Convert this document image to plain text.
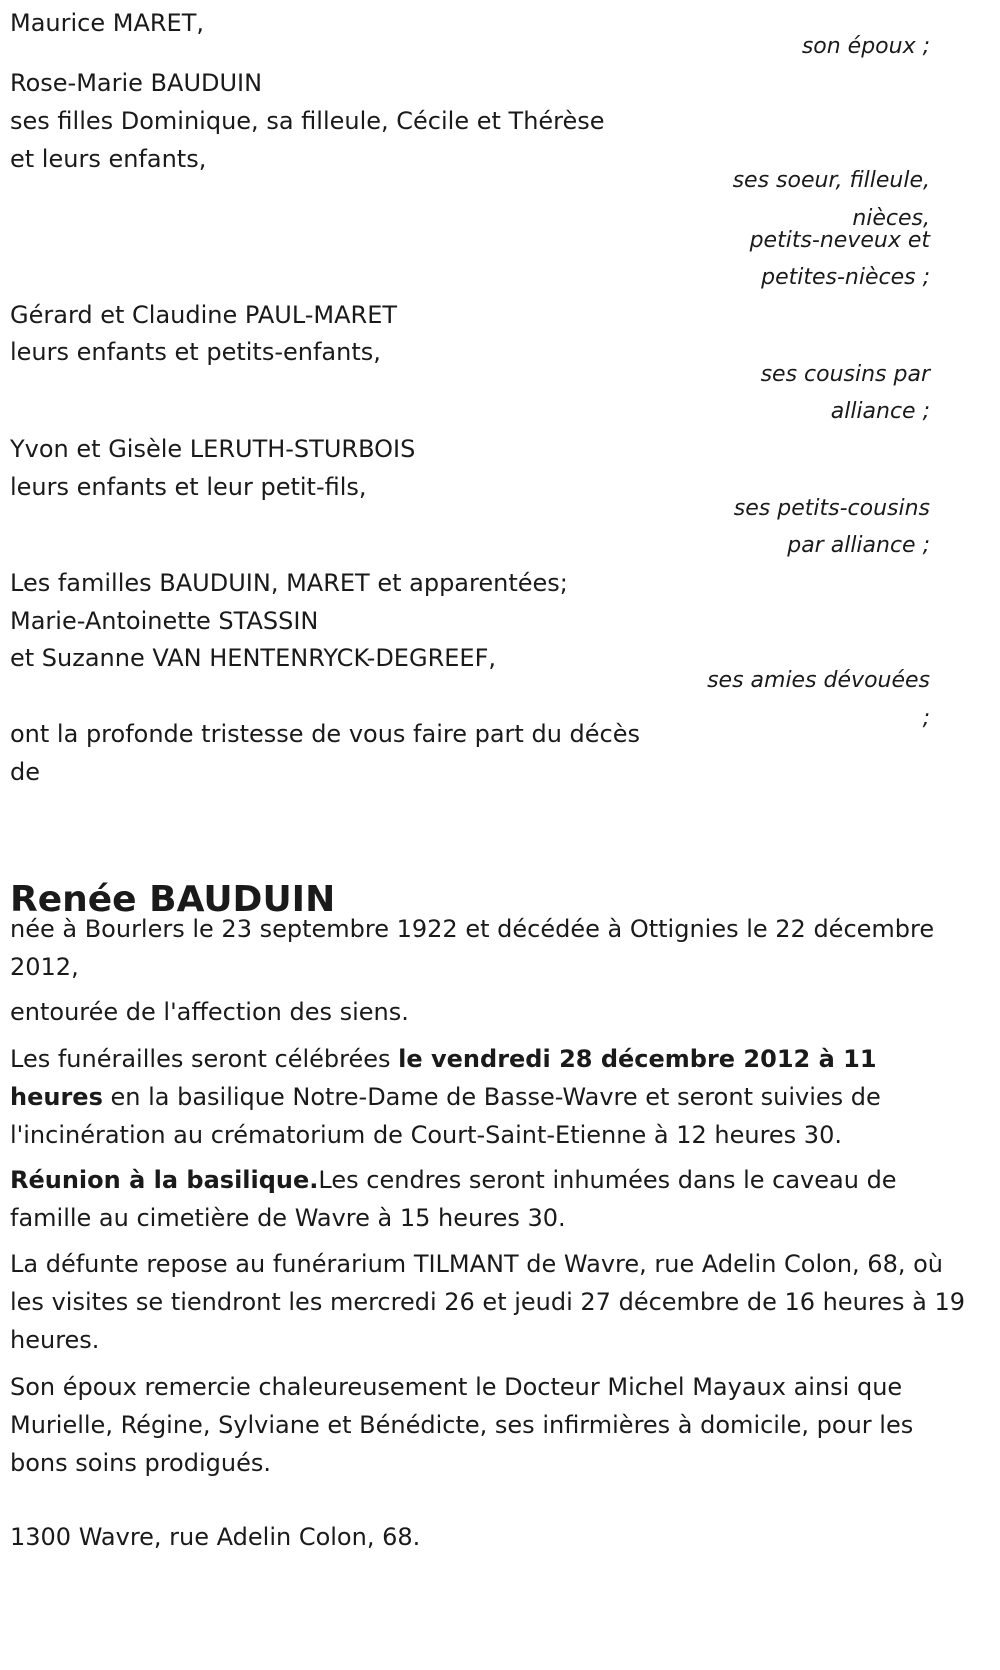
Maurice MARET,
son époux ;
Rose-Marie BAUDUIN
ses filles Dominique, sa filleule, Cécile et Thérèse
et leurs enfants,
ses soeur, filleule,
nièces,
petits-neveux et
petites-nièces ;
Gérard et Claudine PAUL-MARET
leurs enfants et petits-enfants,
ses cousins par
alliance ;
Yvon et Gisèle LERUTH-STURBOIS
leurs enfants et leur petit-fils,
ses petits-cousins
par alliance ;
Les familles BAUDUIN, MARET et apparentées;
Marie-Antoinette STASSIN
et Suzanne VAN HENTENRYCK-DEGREEF,
ses amies dévouées
;
ont la profonde tristesse de vous faire part du décès
de
Renée BAUDUIN

née à Bourlers le 23 septembre 1922 et décédée à Ottignies le 22 décembre 2012,

entourée de l'affection des siens.

Les funérailles seront célébrées le vendredi 28 décembre 2012 à 11 heures en la basilique Notre-Dame de Basse-Wavre et seront suivies de l'incinération au crématorium de Court-Saint-Etienne à 12 heures 30.

Réunion à la basilique.Les cendres seront inhumées dans le caveau de famille au cimetière de Wavre à 15 heures 30.

La défunte repose au funérarium TILMANT de Wavre, rue Adelin Colon, 68, où les visites se tiendront les mercredi 26 et jeudi 27 décembre de 16 heures à 19 heures.

Son époux remercie chaleureusement le Docteur Michel Mayaux ainsi que Murielle, Régine, Sylviane et Bénédicte, ses infirmières à domicile, pour les bons soins prodigués.

1300 Wavre, rue Adelin Colon, 68.
